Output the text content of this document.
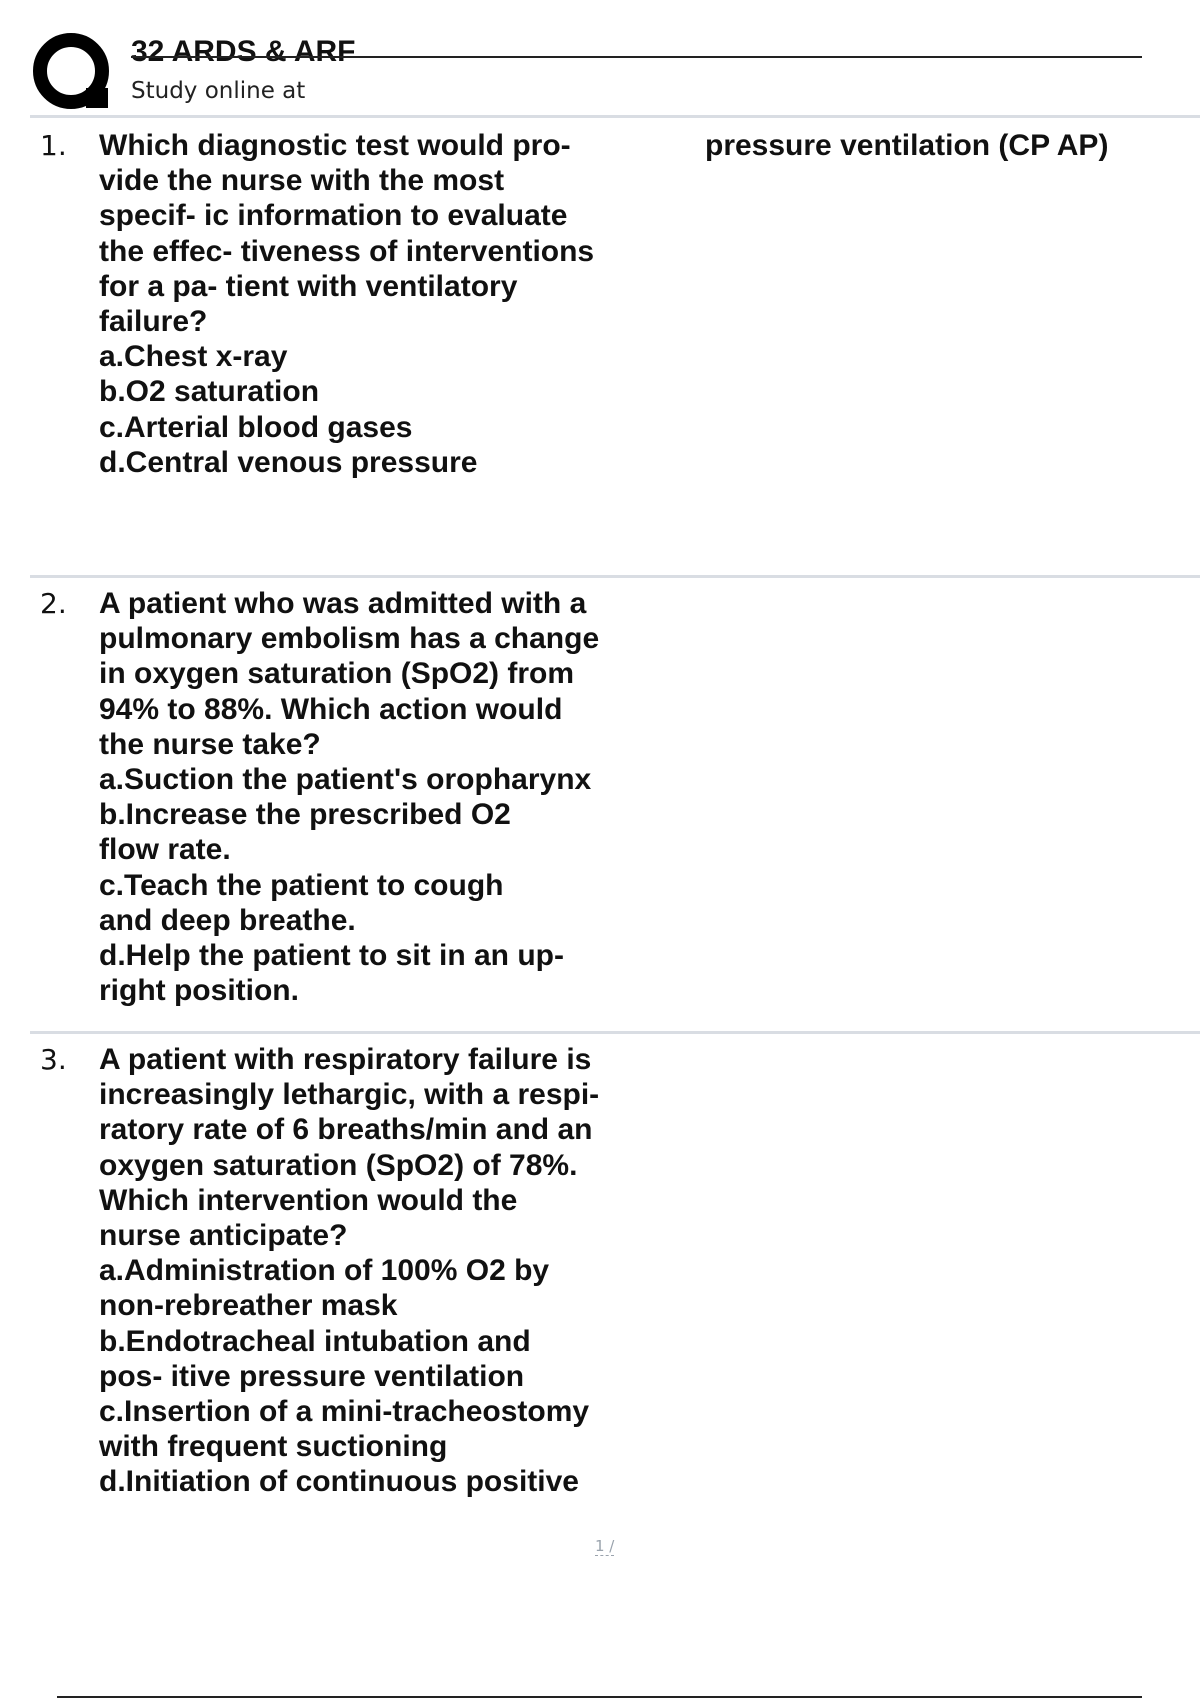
32 ARDS & ARF
Study online at
1. Which diagnostic test would pro-
vide the nurse with the most
specif- ic information to evaluate
the effec- tiveness of interventions
for a pa- tient with ventilatory
failure?
a.Chest x-ray
b.O2 saturation
c.Arterial blood gases
d.Central venous pressure
pressure ventilation (CP AP)
2. A patient who was admitted with a
pulmonary embolism has a change
in oxygen saturation (SpO2) from
94% to 88%. Which action would
the nurse take?
a.Suction the patient's oropharynx
b.Increase the prescribed O2
flow rate.
c.Teach the patient to cough
and deep breathe.
d.Help the patient to sit in an up-
right position.
3. A patient with respiratory failure is
increasingly lethargic, with a respi-
ratory rate of 6 breaths/min and an
oxygen saturation (SpO2) of 78%.
Which intervention would the
nurse anticipate?
a.Administration of 100% O2 by
non-rebreather mask
b.Endotracheal intubation and
pos- itive pressure ventilation
c.Insertion of a mini-tracheostomy
with frequent suctioning
d.Initiation of continuous positive
1 /
